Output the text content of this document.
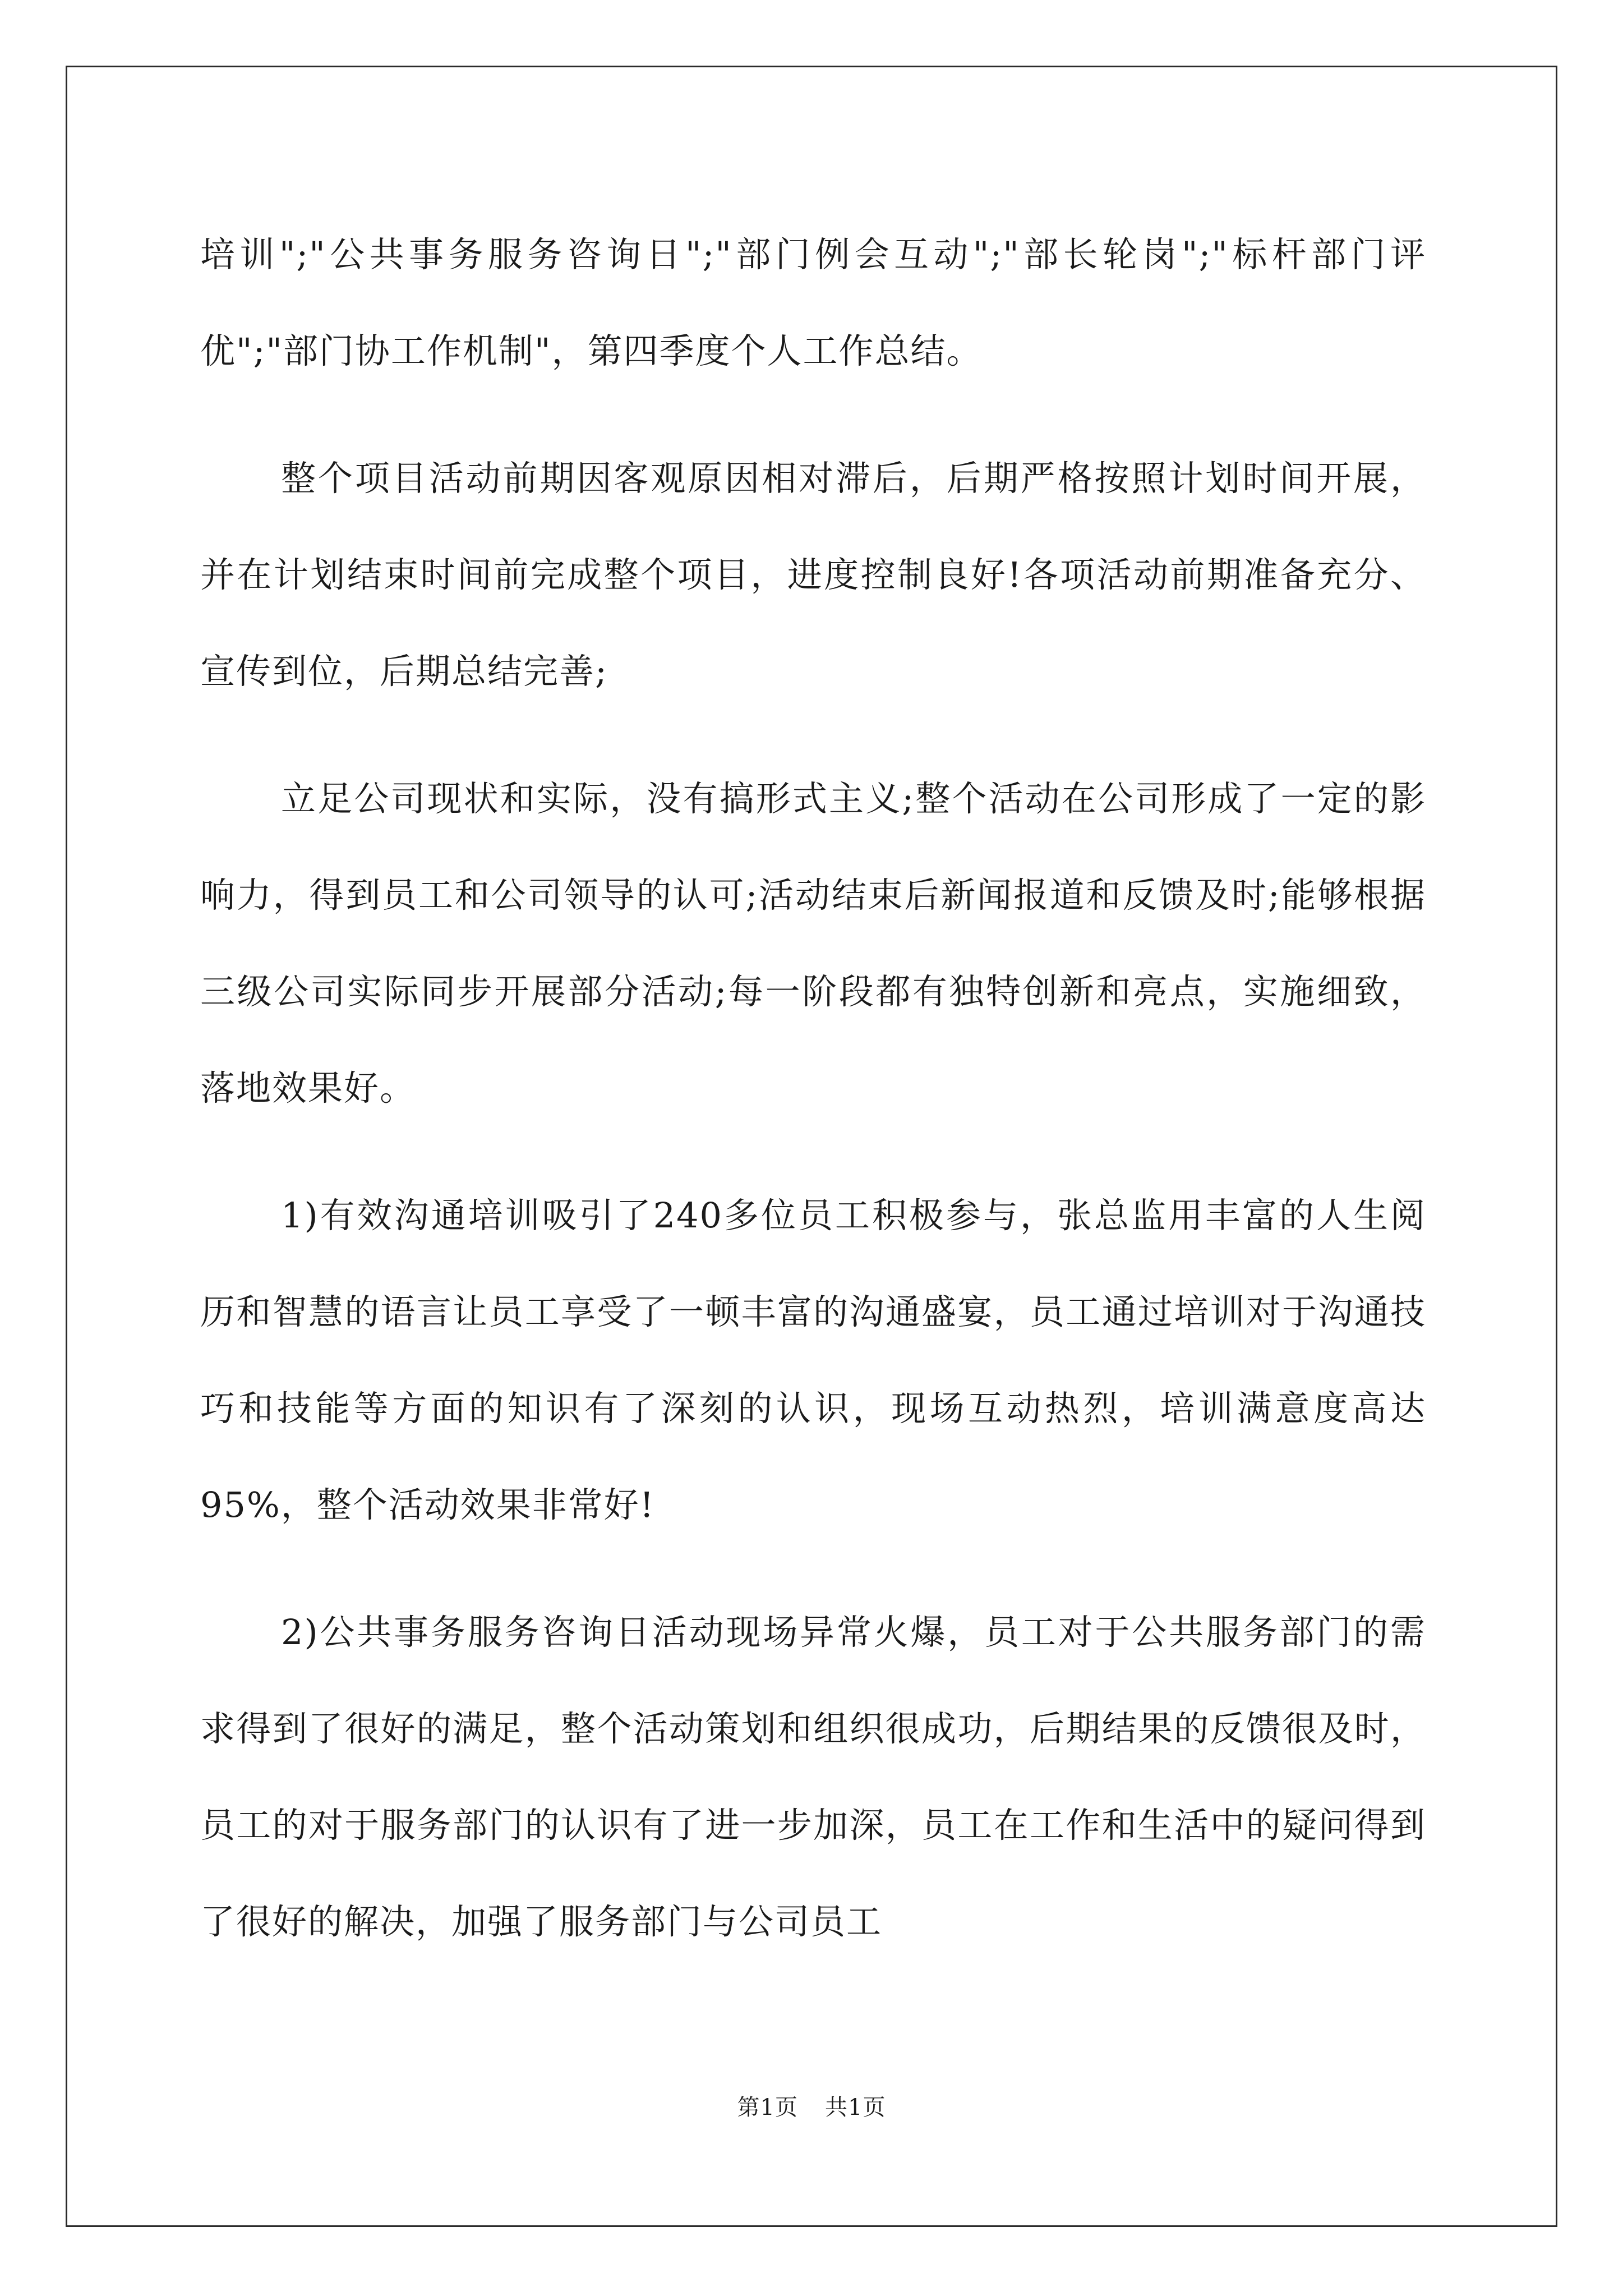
培训";"公共事务服务咨询日";"部门例会互动";"部长轮岗";"标杆部门评优";"部门协工作机制"，第四季度个人工作总结。

整个项目活动前期因客观原因相对滞后，后期严格按照计划时间开展，并在计划结束时间前完成整个项目，进度控制良好!各项活动前期准备充分、宣传到位，后期总结完善;

立足公司现状和实际，没有搞形式主义;整个活动在公司形成了一定的影响力，得到员工和公司领导的认可;活动结束后新闻报道和反馈及时;能够根据三级公司实际同步开展部分活动;每一阶段都有独特创新和亮点，实施细致，落地效果好。

1)有效沟通培训吸引了240多位员工积极参与，张总监用丰富的人生阅历和智慧的语言让员工享受了一顿丰富的沟通盛宴，员工通过培训对于沟通技巧和技能等方面的知识有了深刻的认识，现场互动热烈，培训满意度高达95%，整个活动效果非常好!

2)公共事务服务咨询日活动现场异常火爆，员工对于公共服务部门的需求得到了很好的满足，整个活动策划和组织很成功，后期结果的反馈很及时，员工的对于服务部门的认识有了进一步加深，员工在工作和生活中的疑问得到了很好的解决，加强了服务部门与公司员工

第1页 共1页
